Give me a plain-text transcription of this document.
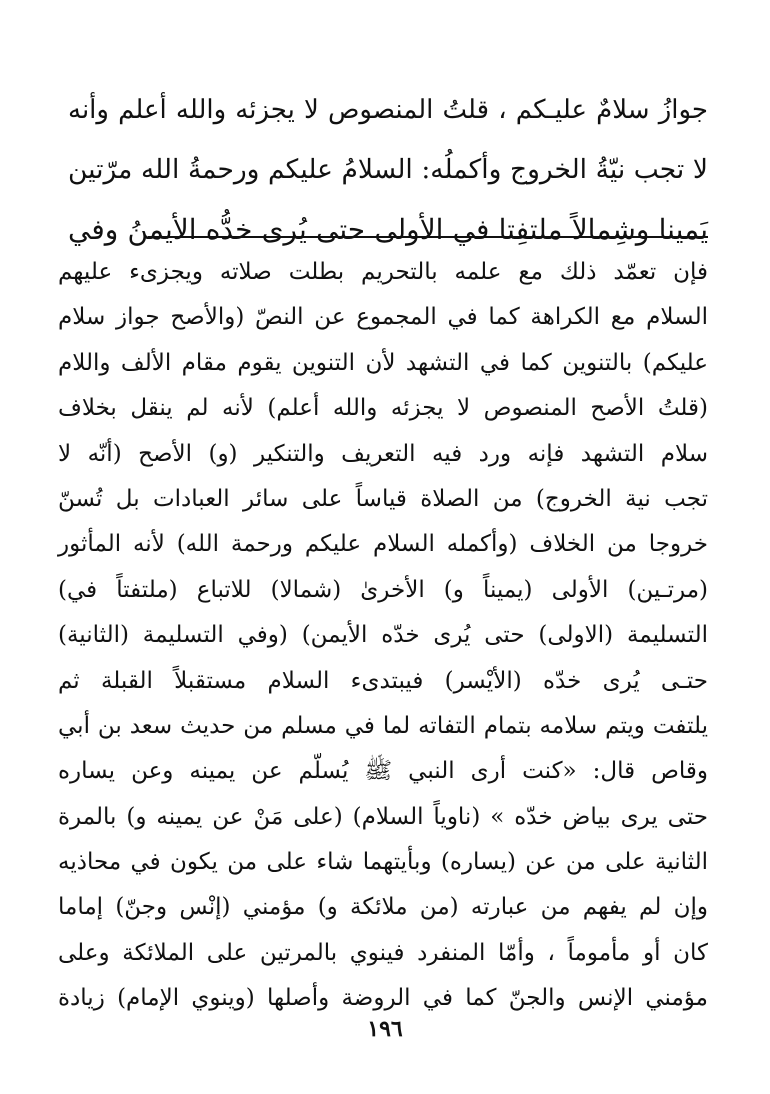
جوازُ سلامٌ عليـكم ، قلتُ المنصوص لا يجزئه والله أعلم وأنه
لا تجب نيّةُ الخروج وأكملُه: السلامُ عليكم ورحمةُ الله مرّتين
يَمينا وشِمالاً ملتفِتا في الأولى حتى يُرى خدُّه الأيمنُ وفي
فإن تعمّد ذلك مع علمه بالتحريم بطلت صلاته ويجزىء عليهم
السلام مع الكراهة كما في المجموع عن النصّ (والأصح جواز سلام
عليكم) بالتنوين كما في التشهد لأن التنوين يقوم مقام الألف واللام
(قلتُ الأصح المنصوص لا يجزئه والله أعلم) لأنه لم ينقل بخلاف
سلام التشهد فإنه ورد فيه التعريف والتنكير (و) الأصح (أنّه لا
تجب نية الخروج) من الصلاة قياساً على سائر العبادات بل تُسنّ
خروجا من الخلاف (وأكمله السلام عليكم ورحمة الله) لأنه المأثور
(مرتـين) الأولى (يميناً و) الأخرىٰ (شمالا) للاتباع (ملتفتاً في)
التسليمة (الاولى) حتى يُرى خدّه الأيمن) (وفي التسليمة (الثانية)
حتـى يُرى خدّه (الأيْسر) فيبتدىء السلام مستقبلاً القبلة ثم
يلتفت ويتم سلامه بتمام التفاته لما في مسلم من حديث سعد بن أبي
وقاص قال: «كنت أرى النبي ﷺ يُسلّم عن يمينه وعن يساره
حتى يرى بياض خدّه » (ناوياً السلام) (على مَنْ عن يمينه و) بالمرة
الثانية على من عن (يساره) وبأيتهما شاء على من يكون في محاذيه
وإن لم يفهم من عبارته (من ملائكة و) مؤمني (إنْس وجنّ) إماما
كان أو مأموماً ، وأمّا المنفرد فينوي بالمرتين على الملائكة وعلى
مؤمني الإنس والجنّ كما في الروضة وأصلها (وينوي الإمام) زيادة
١٩٦
